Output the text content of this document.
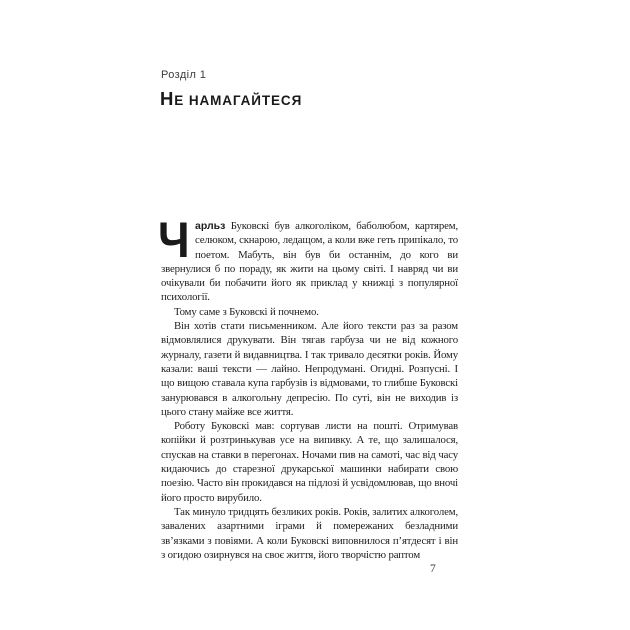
Розділ 1
НЕ НАМАГАЙТЕСЯ

Чарльз Буковскі був алкоголіком, баболюбом, картярем, селюком, скнарою, ледащом, а коли вже геть припікало, то поетом. Мабуть, він був би останнім, до кого ви звернулися б по пораду, як жити на цьому світі. І навряд чи ви очікували би побачити його як приклад у книжці з популярної психології.

Тому саме з Буковскі й почнемо.

Він хотів стати письменником. Але його тексти раз за разом відмовлялися друкувати. Він тягав гарбуза чи не від кожного журналу, газети й видавництва. І так тривало десятки років. Йому казали: ваші тексти — лайно. Непродумані. Огидні. Розпусні. І що вищою ставала купа гарбузів із відмовами, то глибше Буковскі занурювався в алкогольну депресію. По суті, він не виходив із цього стану майже все життя.

Роботу Буковскі мав: сортував листи на пошті. Отримував копійки й розтринькував усе на випивку. А те, що залишалося, спускав на ставки в перегонах. Ночами пив на самоті, час від часу кидаючись до старезної друкарської машинки набирати свою поезію. Часто він прокидався на підлозі й усвідомлював, що вночі його просто вирубило.

Так минуло тридцять безликих років. Років, залитих алкоголем, завалених азартними іграми й помережаних безладними зв’язками з повіями. А коли Буковскі виповнилося п’ятдесят і він з огидою озирнувся на своє життя, його творчістю раптом

7
